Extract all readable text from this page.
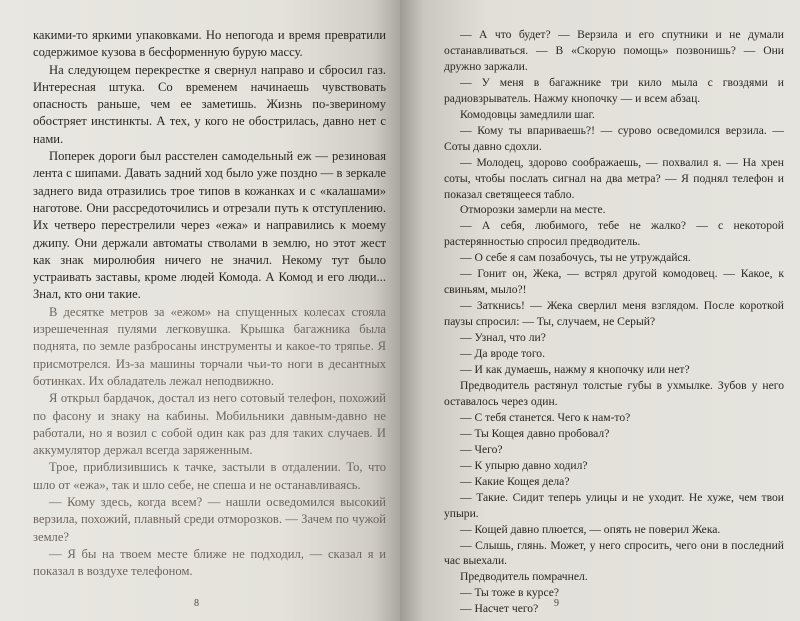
какими-то яркими упаковками. Но непогода и время превратили содержимое кузова в бесформенную бурую массу.

На следующем перекрестке я свернул направо и сбросил газ. Интересная штука. Со временем начинаешь чувствовать опасность раньше, чем ее заметишь. Жизнь по-звериному обостряет инстинкты. А тех, у кого не обострилась, давно нет с нами.

Поперек дороги был расстелен самодельный еж — резиновая лента с шипами. Давать задний ход было уже поздно — в зеркале заднего вида отразились трое типов в кожанках и с «калашами» наготове. Они рассредоточились и отрезали путь к отступлению. Их четверо перестрелили через «ежа» и направились к моему джипу. Они держали автоматы стволами в землю, но этот жест как знак миролюбия ничего не значил. Некому тут было устраивать заставы, кроме людей Комода. А Комод и его люди... Знал, кто они такие.

В десятке метров за «ежом» на спущенных колесах стояла изрешеченная пулями легковушка. Крышка багажника была поднята, по земле разбросаны инструменты и какое-то тряпье. Я присмотрелся. Из-за машины торчали чьи-то ноги в десантных ботинках. Их обладатель лежал неподвижно.

Я открыл бардачок, достал из него сотовый телефон, похожий по фасону и знаку на кабины. Мобильники давным-давно не работали, но я возил с собой один как раз для таких случаев. И аккумулятор держал всегда заряженным.

Трое, приблизившись к тачке, застыли в отдалении. То, что шло от «ежа», так и шло себе, не спеша и не останавливаясь.

— Кому здесь, когда всем? — нашли осведомился высокий верзила, похожий, плавный среди отморозков. — Зачем по чужой земле?

— Я бы на твоем месте ближе не подходил, — сказал я и показал в воздухе телефоном.

8

— А что будет? — Верзила и его спутники и не думали останавливаться. — В «Скорую помощь» позвонишь? — Они дружно заржали.

— У меня в багажнике три кило мыла с гвоздями и радиовзрыватель. Нажму кнопочку — и всем абзац.

Комодовцы замедлили шаг.

— Кому ты впариваешь?! — сурово осведомился верзила. — Соты давно сдохли.

— Молодец, здорово соображаешь, — похвалил я. — На хрен соты, чтобы послать сигнал на два метра? — Я поднял телефон и показал светящееся табло.

Отморозки замерли на месте.

— А себя, любимого, тебе не жалко? — с некоторой растерянностью спросил предводитель.

— О себе я сам позабочусь, ты не утруждайся.

— Гонит он, Жека, — встрял другой комодовец. — Какое, к свиньям, мыло?!

— Заткнись! — Жека сверлил меня взглядом. После короткой паузы спросил: — Ты, случаем, не Серый?

— Узнал, что ли?

— Да вроде того.

— И как думаешь, нажму я кнопочку или нет?

Предводитель растянул толстые губы в ухмылке. Зубов у него оставалось через один.

— С тебя станется. Чего к нам-то?

— Ты Кощея давно пробовал?

— Чего?

— К упырю давно ходил?

— Какие Кощея дела?

— Такие. Сидит теперь улицы и не уходит. Не хуже, чем твои упыри.

— Кощей давно плюется, — опять не поверил Жека.

— Слышь, глянь. Может, у него спросить, чего они в последний час выехали.

Предводитель помрачнел.

— Ты тоже в курсе?

— Насчет чего?	9
